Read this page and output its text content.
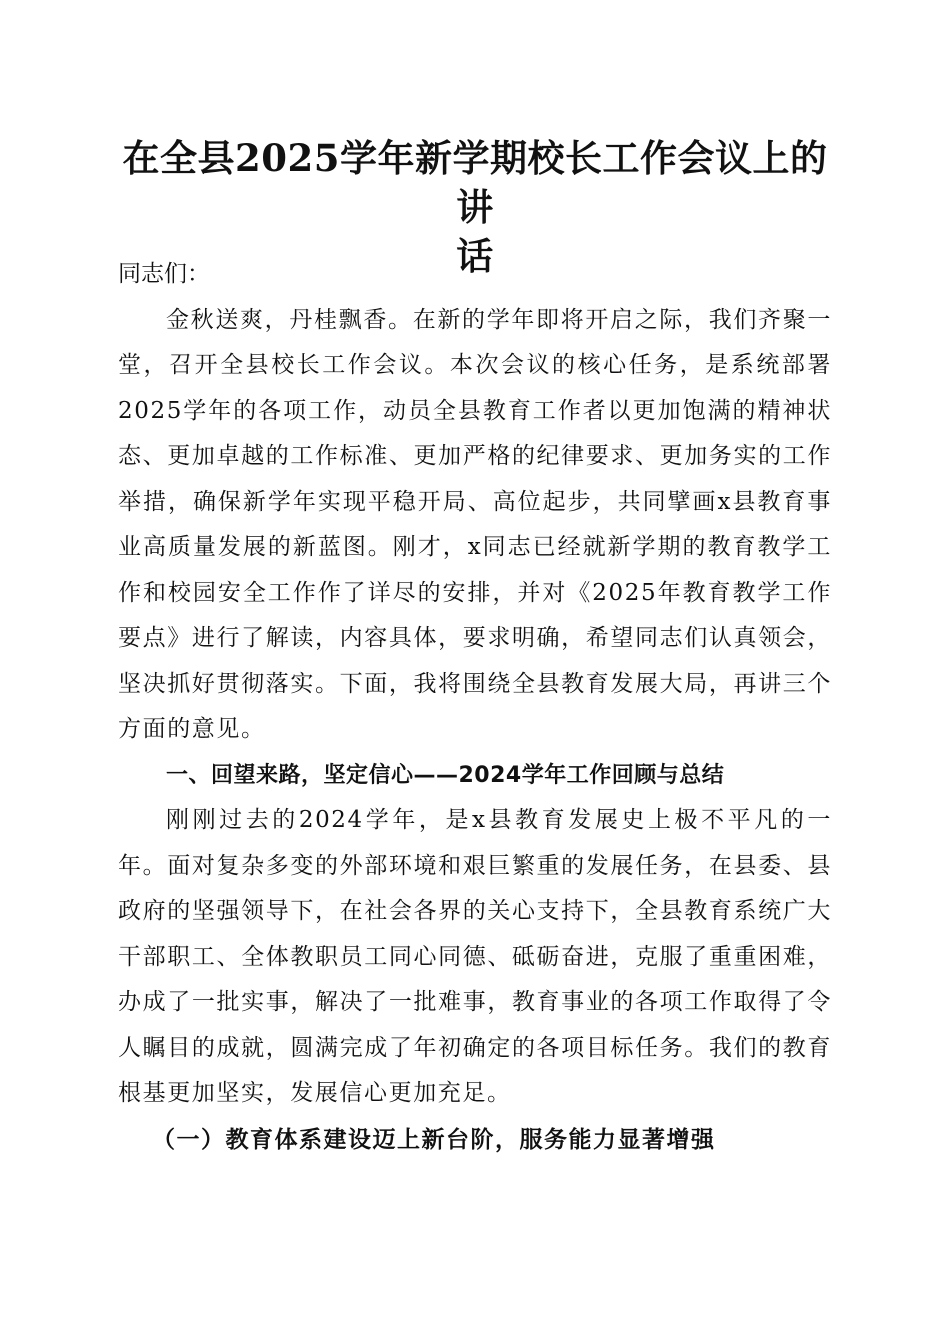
在全县2025学年新学期校长工作会议上的讲
话

同志们：

金秋送爽，丹桂飘香。在新的学年即将开启之际，我们齐聚一堂，召开全县校长工作会议。本次会议的核心任务，是系统部署2025学年的各项工作，动员全县教育工作者以更加饱满的精神状态、更加卓越的工作标准、更加严格的纪律要求、更加务实的工作举措，确保新学年实现平稳开局、高位起步，共同擘画x县教育事业高质量发展的新蓝图。刚才，x同志已经就新学期的教育教学工作和校园安全工作作了详尽的安排，并对《2025年教育教学工作要点》进行了解读，内容具体，要求明确，希望同志们认真领会，坚决抓好贯彻落实。下面，我将围绕全县教育发展大局，再讲三个方面的意见。

一、回望来路，坚定信心——2024学年工作回顾与总结

刚刚过去的2024学年，是x县教育发展史上极不平凡的一年。面对复杂多变的外部环境和艰巨繁重的发展任务，在县委、县政府的坚强领导下，在社会各界的关心支持下，全县教育系统广大干部职工、全体教职员工同心同德、砥砺奋进，克服了重重困难，办成了一批实事，解决了一批难事，教育事业的各项工作取得了令人瞩目的成就，圆满完成了年初确定的各项目标任务。我们的教育根基更加坚实，发展信心更加充足。

（一）教育体系建设迈上新台阶，服务能力显著增强
